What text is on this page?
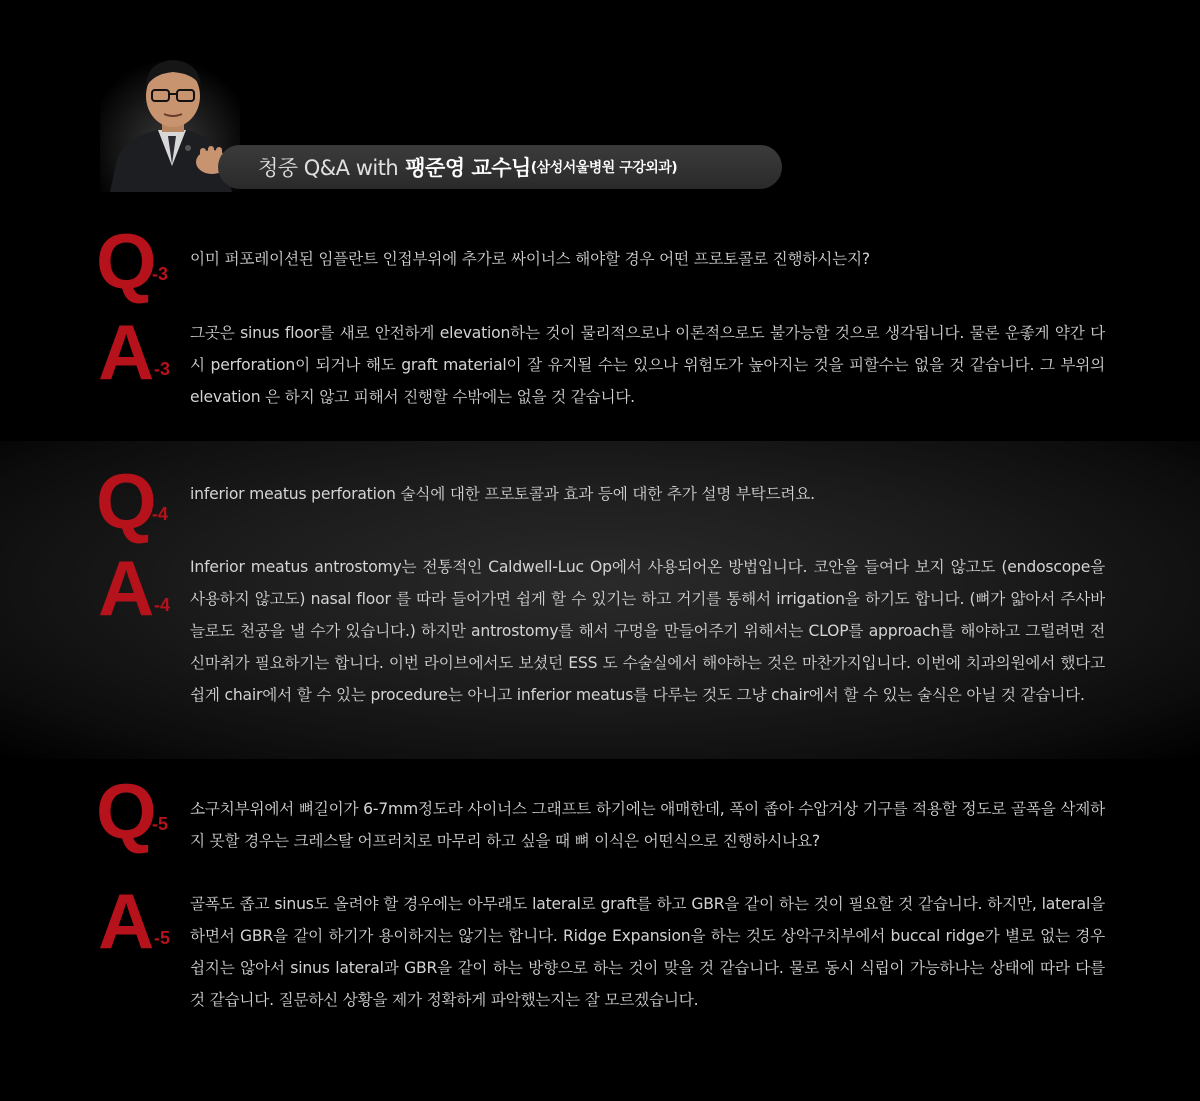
청중 Q&A with 팽준영 교수님 (삼성서울병원 구강외과)
Q
-3
이미 퍼포레이션된 임플란트 인접부위에 추가로 싸이너스 해야할 경우 어떤 프로토콜로 진행하시는지?
A -3
그곳은 sinus floor를 새로 안전하게 elevation하는 것이 물리적으로나 이론적으로도 불가능할 것으로 생각됩니다. 물론 운좋게 약간 다시 perforation이 되거나 해도 graft material이 잘 유지될 수는 있으나 위험도가 높아지는 것을 피할수는 없을 것 같습니다. 그 부위의 elevation 은 하지 않고 피해서 진행할 수밖에는 없을 것 같습니다.
Q
-4
inferior meatus perforation 술식에 대한 프로토콜과 효과 등에 대한 추가 설명 부탁드려요.
A -4
Inferior meatus antrostomy는 전통적인 Caldwell-Luc Op에서 사용되어온 방법입니다. 코안을 들여다 보지 않고도 (endoscope을 사용하지 않고도) nasal floor 를 따라 들어가면 쉽게 할 수 있기는 하고 거기를 통해서 irrigation을 하기도 합니다. (뼈가 얇아서 주사바늘로도 천공을 낼 수가 있습니다.) 하지만 antrostomy를 해서 구멍을 만들어주기 위해서는 CLOP를 approach를 해야하고 그럴려면 전신마취가 필요하기는 합니다. 이번 라이브에서도 보셨던 ESS 도 수술실에서 해야하는 것은 마찬가지입니다. 이번에 치과의원에서 했다고 쉽게 chair에서 할 수 있는 procedure는 아니고 inferior meatus를 다루는 것도 그냥 chair에서 할 수 있는 술식은 아닐 것 같습니다.
Q
-5
소구치부위에서 뼈길이가 6-7mm정도라 사이너스 그래프트 하기에는 애매한데, 폭이 좁아 수압거상 기구를 적용할 정도로 골폭을 삭제하지 못할 경우는 크레스탈 어프러치로 마무리 하고 싶을 때 뼈 이식은 어떤식으로 진행하시나요?
A -5
골폭도 좁고 sinus도 올려야 할 경우에는 아무래도 lateral로 graft를 하고 GBR을 같이 하는 것이 필요할 것 같습니다. 하지만, lateral을 하면서 GBR을 같이 하기가 용이하지는 않기는 합니다. Ridge Expansion을 하는 것도 상악구치부에서 buccal ridge가 별로 없는 경우 쉽지는 않아서 sinus lateral과 GBR을 같이 하는 방향으로 하는 것이 맞을 것 같습니다. 물로 동시 식립이 가능하나는 상태에 따라 다를 것 같습니다. 질문하신 상황을 제가 정확하게 파악했는지는 잘 모르겠습니다.
